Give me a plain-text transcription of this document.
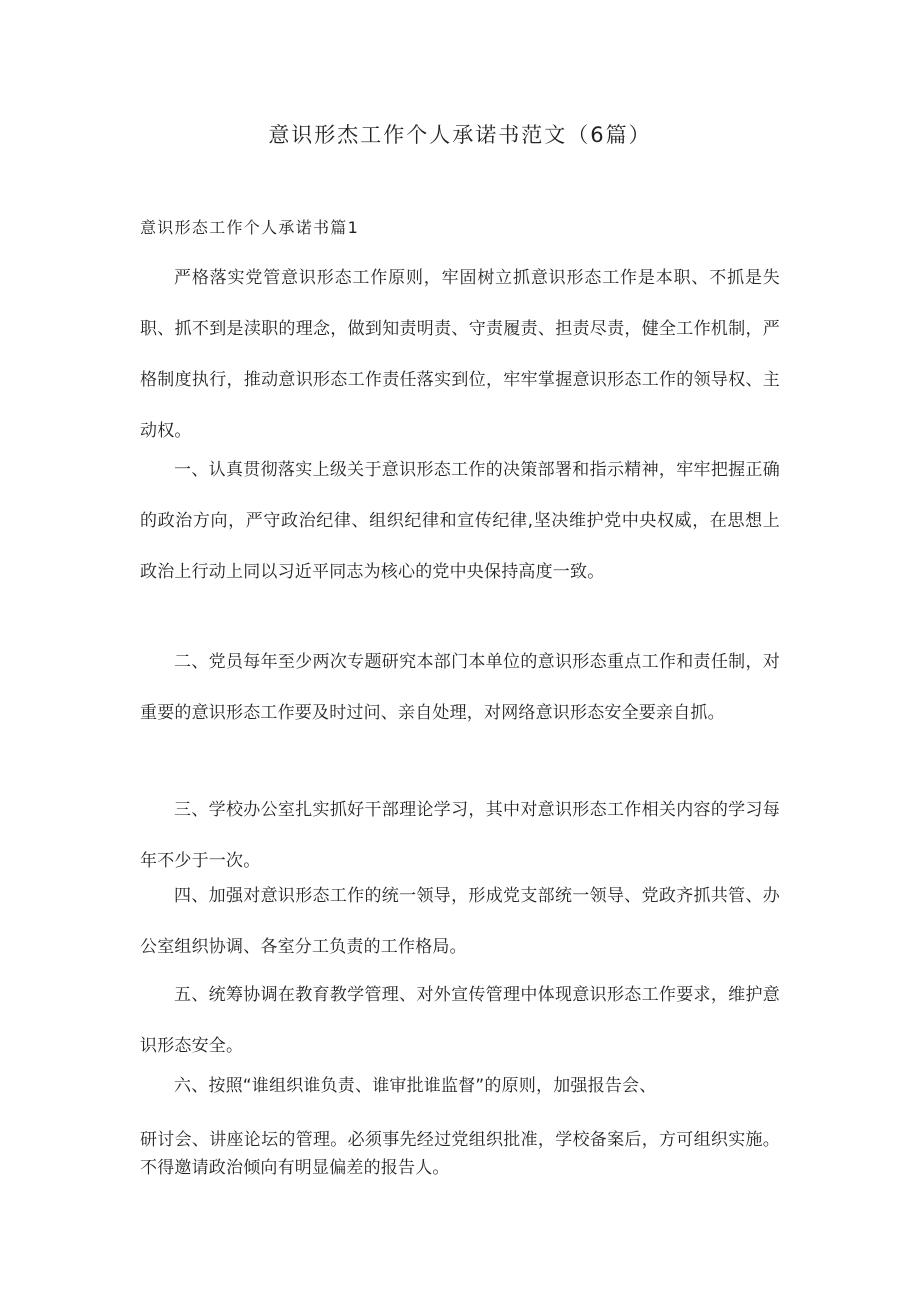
意识形杰工作个人承诺书范文（6篇）
意识形态工作个人承诺书篇1

严格落实党管意识形态工作原则，牢固树立抓意识形态工作是本职、不抓是失职、抓不到是渎职的理念，做到知责明责、守责履责、担责尽责，健全工作机制，严格制度执行，推动意识形态工作责任落实到位，牢牢掌握意识形态工作的领导权、主动权。

一、认真贯彻落实上级关于意识形态工作的决策部署和指示精神，牢牢把握正确的政治方向，严守政治纪律、组织纪律和宣传纪律,坚决维护党中央权威，在思想上政治上行动上同以习近平同志为核心的党中央保持高度一致。

二、党员每年至少两次专题研究本部门本单位的意识形态重点工作和责任制，对重要的意识形态工作要及时过问、亲自处理，对网络意识形态安全要亲自抓。

三、学校办公室扎实抓好干部理论学习，其中对意识形态工作相关内容的学习每年不少于一次。

四、加强对意识形态工作的统一领导，形成党支部统一领导、党政齐抓共管、办公室组织协调、各室分工负责的工作格局。

五、统筹协调在教育教学管理、对外宣传管理中体现意识形态工作要求，维护意识形态安全。

六、按照“谁组织谁负责、谁审批谁监督”的原则，加强报告会、

研讨会、讲座论坛的管理。必须事先经过党组织批准，学校备案后，方可组织实施。不得邀请政治倾向有明显偏差的报告人。
